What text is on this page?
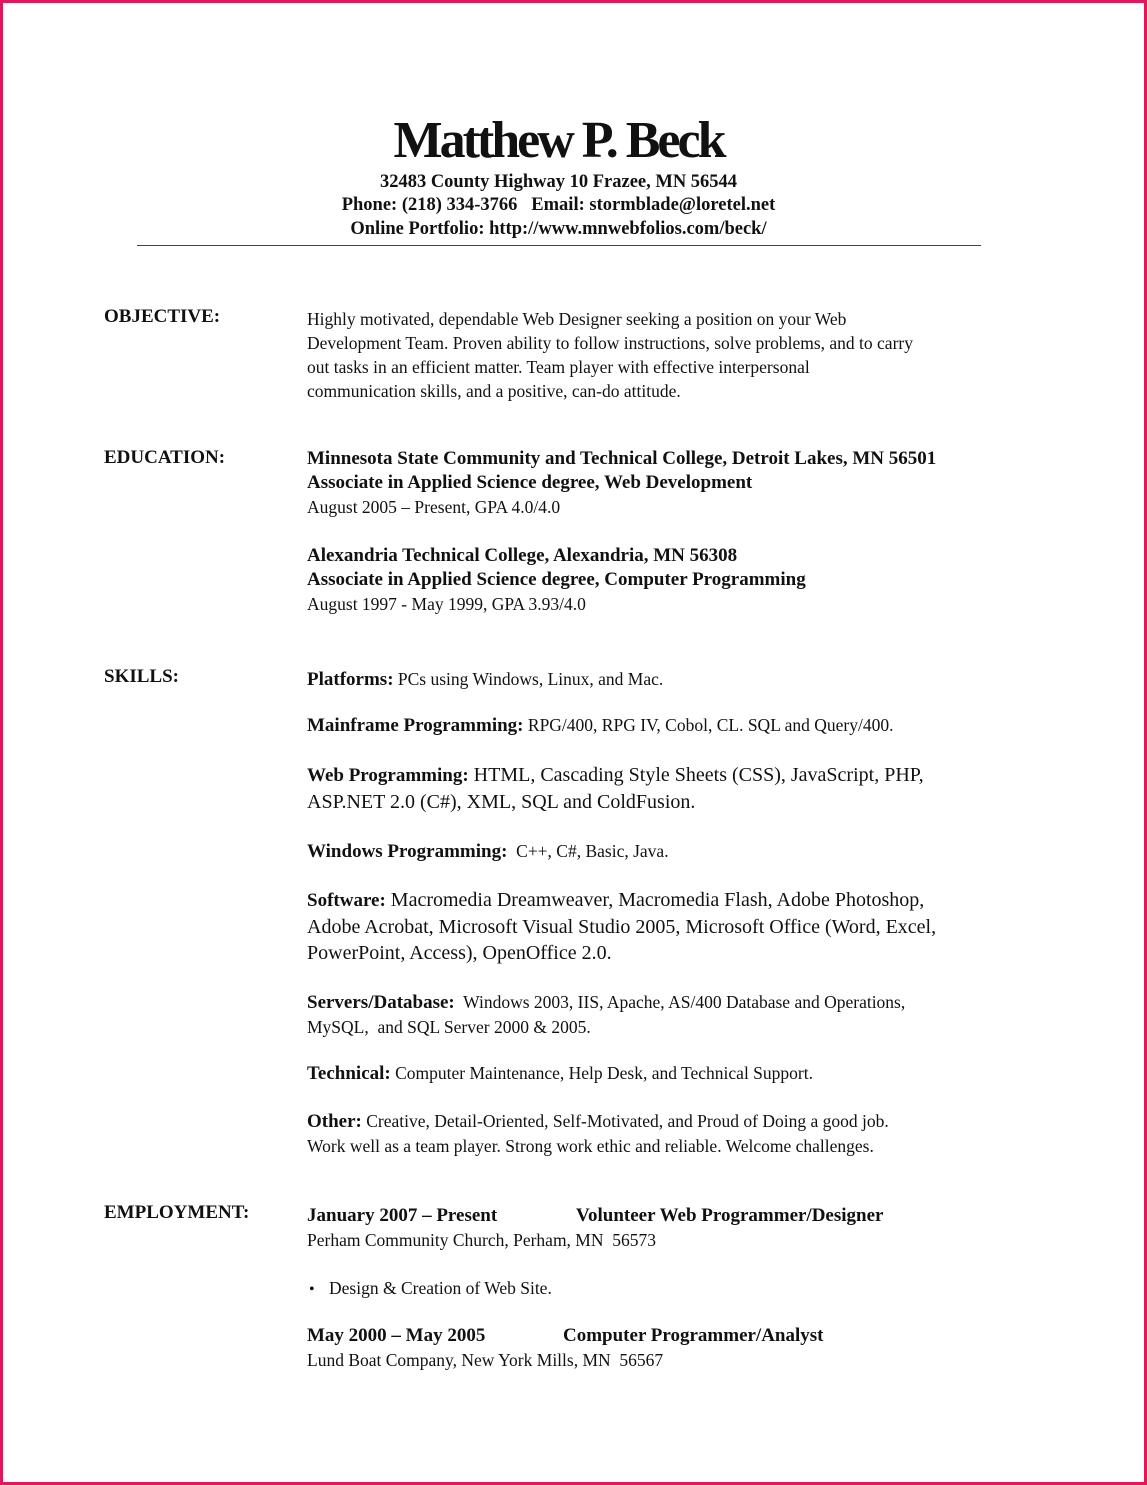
Matthew P. Beck
32483 County Highway 10 Frazee, MN 56544
Phone: (218) 334-3766   Email: stormblade@loretel.net
Online Portfolio: http://www.mnwebfolios.com/beck/
OBJECTIVE:	Highly motivated, dependable Web Designer seeking a position on your Web

Development Team. Proven ability to follow instructions, solve problems, and to carry

out tasks in an efficient matter. Team player with effective interpersonal

communication skills, and a positive, can-do attitude.

EDUCATION:	Minnesota State Community and Technical College, Detroit Lakes, MN 56501

Associate in Applied Science degree, Web Development

August 2005 – Present, GPA 4.0/4.0

Alexandria Technical College, Alexandria, MN 56308

Associate in Applied Science degree, Computer Programming

August 1997 - May 1999, GPA 3.93/4.0

SKILLS:	Platforms: PCs using Windows, Linux, and Mac.

Mainframe Programming: RPG/400, RPG IV, Cobol, CL. SQL and Query/400.

Web Programming: HTML, Cascading Style Sheets (CSS), JavaScript, PHP,

ASP.NET 2.0 (C#), XML, SQL and ColdFusion.

Windows Programming:  C++, C#, Basic, Java.

Software: Macromedia Dreamweaver, Macromedia Flash, Adobe Photoshop,

Adobe Acrobat, Microsoft Visual Studio 2005, Microsoft Office (Word, Excel,

PowerPoint, Access), OpenOffice 2.0.

Servers/Database:  Windows 2003, IIS, Apache, AS/400 Database and Operations,

MySQL,  and SQL Server 2000 & 2005.

Technical: Computer Maintenance, Help Desk, and Technical Support.

Other: Creative, Detail-Oriented, Self-Motivated, and Proud of Doing a good job.

Work well as a team player. Strong work ethic and reliable. Welcome challenges.

EMPLOYMENT:	January 2007 – Present	Volunteer Web Programmer/Designer

Perham Community Church, Perham, MN  56573

• Design & Creation of Web Site.

May 2000 – May 2005	Computer Programmer/Analyst

Lund Boat Company, New York Mills, MN  56567
